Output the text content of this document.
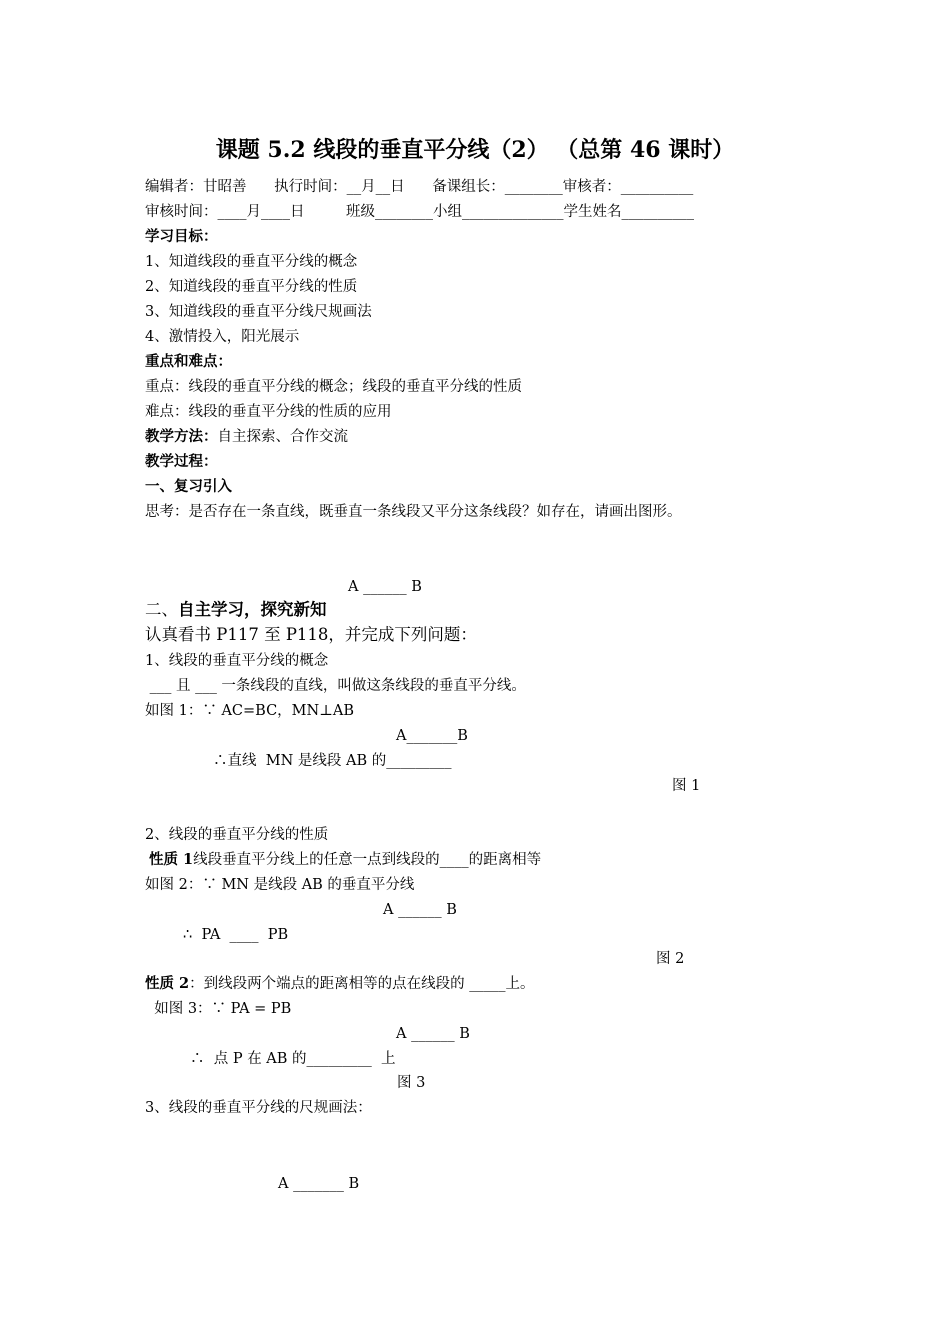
课题 5.2 线段的垂直平分线（2） （总第 46 课时）
编辑者：甘昭善      执行时间：__月__日      备课组长：________审核者：__________
审核时间：____月____日         班级________小组______________学生姓名__________
学习目标：
1、知道线段的垂直平分线的概念
2、知道线段的垂直平分线的性质
3、知道线段的垂直平分线尺规画法
4、激情投入，阳光展示
重点和难点：
重点：线段的垂直平分线的概念；线段的垂直平分线的性质
难点：线段的垂直平分线的性质的应用
教学方法：自主探索、合作交流
教学过程：
一、复习引入
思考：是否存在一条直线，既垂直一条线段又平分这条线段？如存在，请画出图形。
A ______ B
二、自主学习，探究新知
认真看书 P117 至 P118，并完成下列问题：
1、线段的垂直平分线的概念
___ 且 ___ 一条线段的直线，叫做这条线段的垂直平分线。
如图 1：∵ AC=BC，MN⊥AB
A_______B
∴直线  MN 是线段 AB 的_________
图 1
2、线段的垂直平分线的性质
性质 1线段垂直平分线上的任意一点到线段的____的距离相等
如图 2：∵ MN 是线段 AB 的垂直平分线
A ______ B
∴  PA  ____  PB
图 2
性质 2：到线段两个端点的距离相等的点在线段的 _____上。
如图 3：∵ PA = PB
A ______ B
∴  点 P 在 AB 的_________  上
图 3
3、线段的垂直平分线的尺规画法：
A _______ B
